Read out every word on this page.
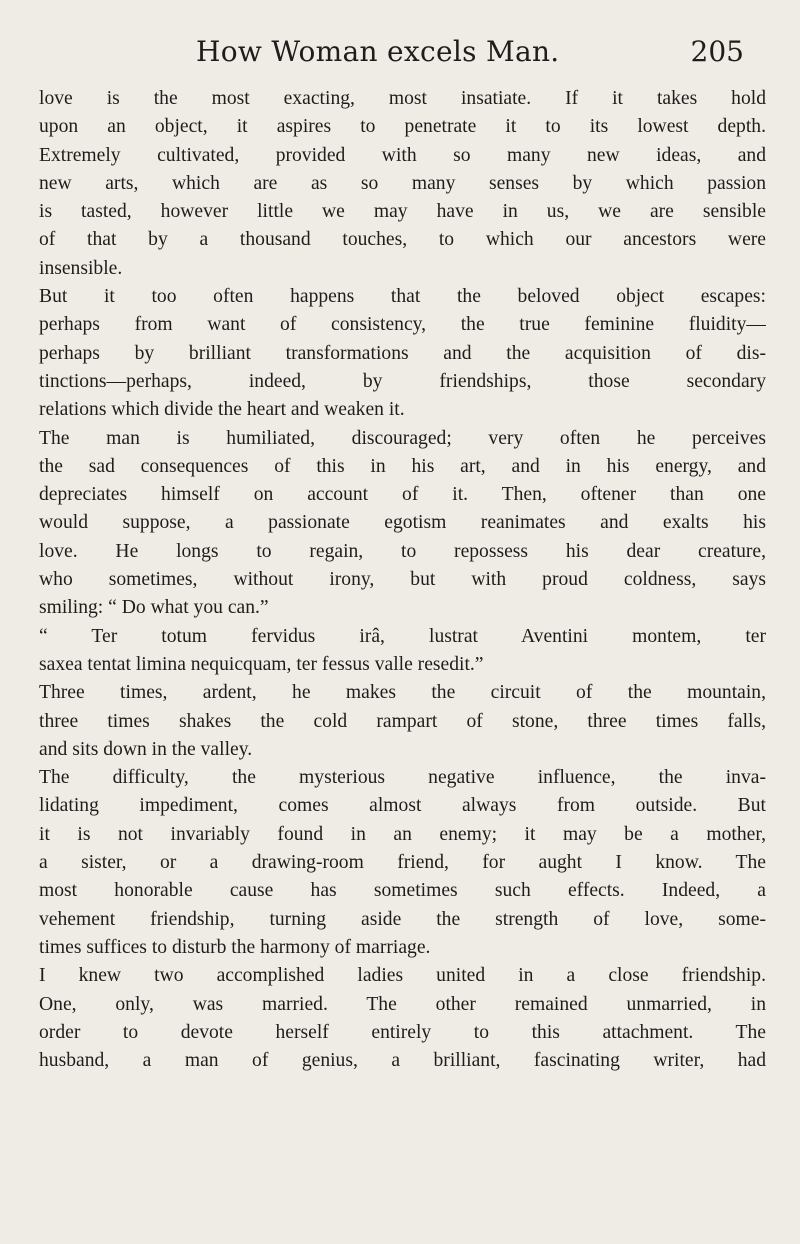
How Woman excels Man.	205
love is the most exacting, most insatiate. If it takes hold
upon an object, it aspires to penetrate it to its lowest depth.
Extremely cultivated, provided with so many new ideas, and
new arts, which are as so many senses by which passion
is tasted, however little we may have in us, we are sensible
of that by a thousand touches, to which our ancestors were
insensible.
But it too often happens that the beloved object escapes:
perhaps from want of consistency, the true feminine fluidity—
perhaps by brilliant transformations and the acquisition of dis-
tinctions—perhaps, indeed, by friendships, those secondary
relations which divide the heart and weaken it.
The man is humiliated, discouraged; very often he perceives
the sad consequences of this in his art, and in his energy, and
depreciates himself on account of it. Then, oftener than one
would suppose, a passionate egotism reanimates and exalts his
love. He longs to regain, to repossess his dear creature,
who sometimes, without irony, but with proud coldness, says
smiling: “ Do what you can.”
“ Ter totum fervidus irâ, lustrat Aventini montem, ter
saxea tentat limina nequicquam, ter fessus valle resedit.”
Three times, ardent, he makes the circuit of the mountain,
three times shakes the cold rampart of stone, three times falls,
and sits down in the valley.
The difficulty, the mysterious negative influence, the inva-
lidating impediment, comes almost always from outside. But
it is not invariably found in an enemy; it may be a mother,
a sister, or a drawing-room friend, for aught I know. The
most honorable cause has sometimes such effects. Indeed, a
vehement friendship, turning aside the strength of love, some-
times suffices to disturb the harmony of marriage.
I knew two accomplished ladies united in a close friendship.
One, only, was married. The other remained unmarried, in
order to devote herself entirely to this attachment. The
husband, a man of genius, a brilliant, fascinating writer, had
